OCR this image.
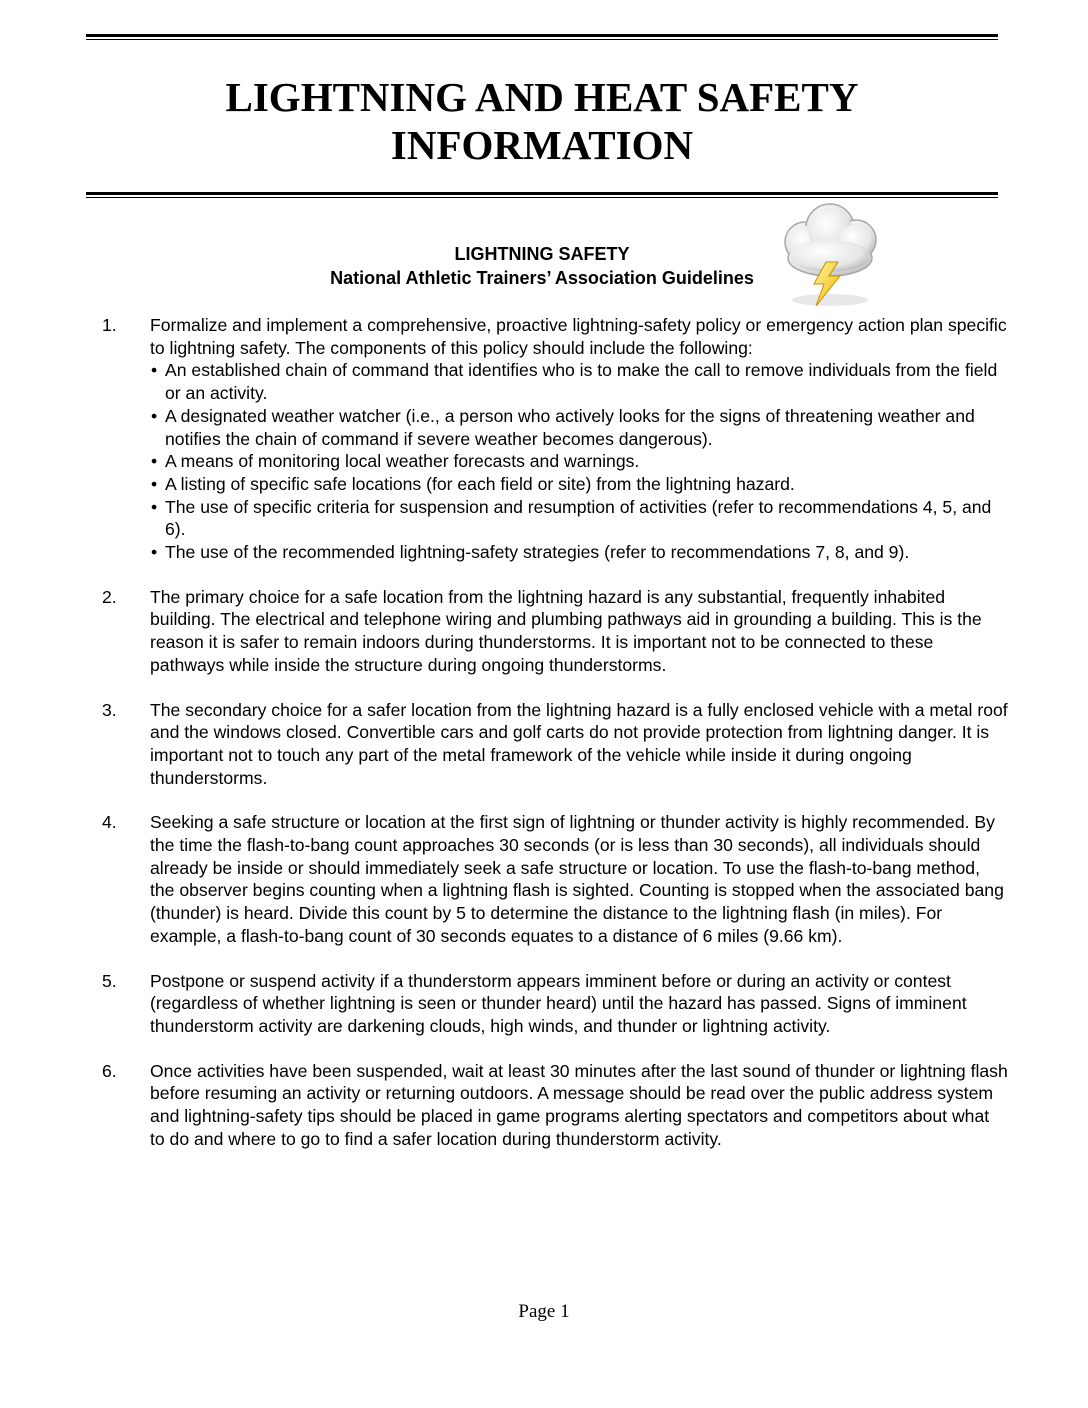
LIGHTNING AND HEAT SAFETY
INFORMATION
LIGHTNING SAFETY
National Athletic Trainers’ Association Guidelines
1. Formalize and implement a comprehensive, proactive lightning-safety policy or emergency action plan specific to lightning safety. The components of this policy should include the following:
• An established chain of command that identifies who is to make the call to remove individuals from the field or an activity.
• A designated weather watcher (i.e., a person who actively looks for the signs of threatening weather and notifies the chain of command if severe weather becomes dangerous).
• A means of monitoring local weather forecasts and warnings.
• A listing of specific safe locations (for each field or site) from the lightning hazard.
• The use of specific criteria for suspension and resumption of activities (refer to recommendations 4, 5, and 6).
• The use of the recommended lightning-safety strategies (refer to recommendations 7, 8, and 9).
2. The primary choice for a safe location from the lightning hazard is any substantial, frequently inhabited building. The electrical and telephone wiring and plumbing pathways aid in grounding a building. This is the reason it is safer to remain indoors during thunderstorms. It is important not to be connected to these pathways while inside the structure during ongoing thunderstorms.
3. The secondary choice for a safer location from the lightning hazard is a fully enclosed vehicle with a metal roof and the windows closed. Convertible cars and golf carts do not provide protection from lightning danger. It is important not to touch any part of the metal framework of the vehicle while inside it during ongoing thunderstorms.
4. Seeking a safe structure or location at the first sign of lightning or thunder activity is highly recommended. By the time the flash-to-bang count approaches 30 seconds (or is less than 30 seconds), all individuals should already be inside or should immediately seek a safe structure or location. To use the flash-to-bang method, the observer begins counting when a lightning flash is sighted. Counting is stopped when the associated bang (thunder) is heard. Divide this count by 5 to determine the distance to the lightning flash (in miles). For example, a flash-to-bang count of 30 seconds equates to a distance of 6 miles (9.66 km).
5. Postpone or suspend activity if a thunderstorm appears imminent before or during an activity or contest (regardless of whether lightning is seen or thunder heard) until the hazard has passed. Signs of imminent thunderstorm activity are darkening clouds, high winds, and thunder or lightning activity.
6. Once activities have been suspended, wait at least 30 minutes after the last sound of thunder or lightning flash before resuming an activity or returning outdoors. A message should be read over the public address system and lightning-safety tips should be placed in game programs alerting spectators and competitors about what to do and where to go to find a safer location during thunderstorm activity.
Page 1
